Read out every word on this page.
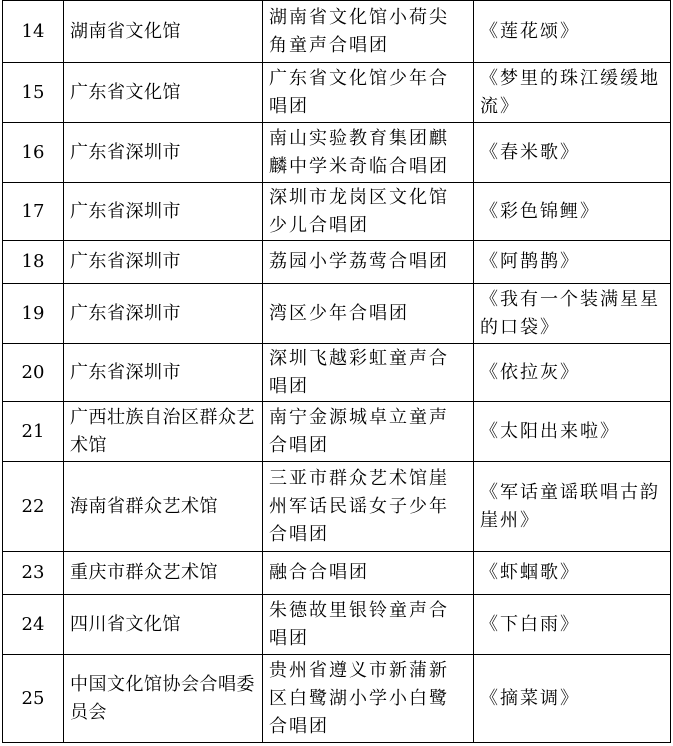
14	湖南省文化馆	湖南省文化馆小荷尖角童声合唱团	《莲花颂》
15	广东省文化馆	广东省文化馆少年合唱团	《梦里的珠江缓缓地流》
16	广东省深圳市	南山实验教育集团麒麟中学米奇临合唱团	《春米歌》
17	广东省深圳市	深圳市龙岗区文化馆少儿合唱团	《彩色锦鲤》
18	广东省深圳市	荔园小学荔莺合唱团	《阿鹊鹊》
19	广东省深圳市	湾区少年合唱团	《我有一个装满星星的口袋》
20	广东省深圳市	深圳飞越彩虹童声合唱团	《依拉灰》
21	广西壮族自治区群众艺术馆	南宁金源城卓立童声合唱团	《太阳出来啦》
22	海南省群众艺术馆	三亚市群众艺术馆崖州军话民谣女子少年合唱团	《军话童谣联唱古韵崖州》
23	重庆市群众艺术馆	融合合唱团	《虾蝈歌》
24	四川省文化馆	朱德故里银铃童声合唱团	《下白雨》
25	中国文化馆协会合唱委员会	贵州省遵义市新蒲新区白鹭湖小学小白鹭合唱团	《摘菜调》
